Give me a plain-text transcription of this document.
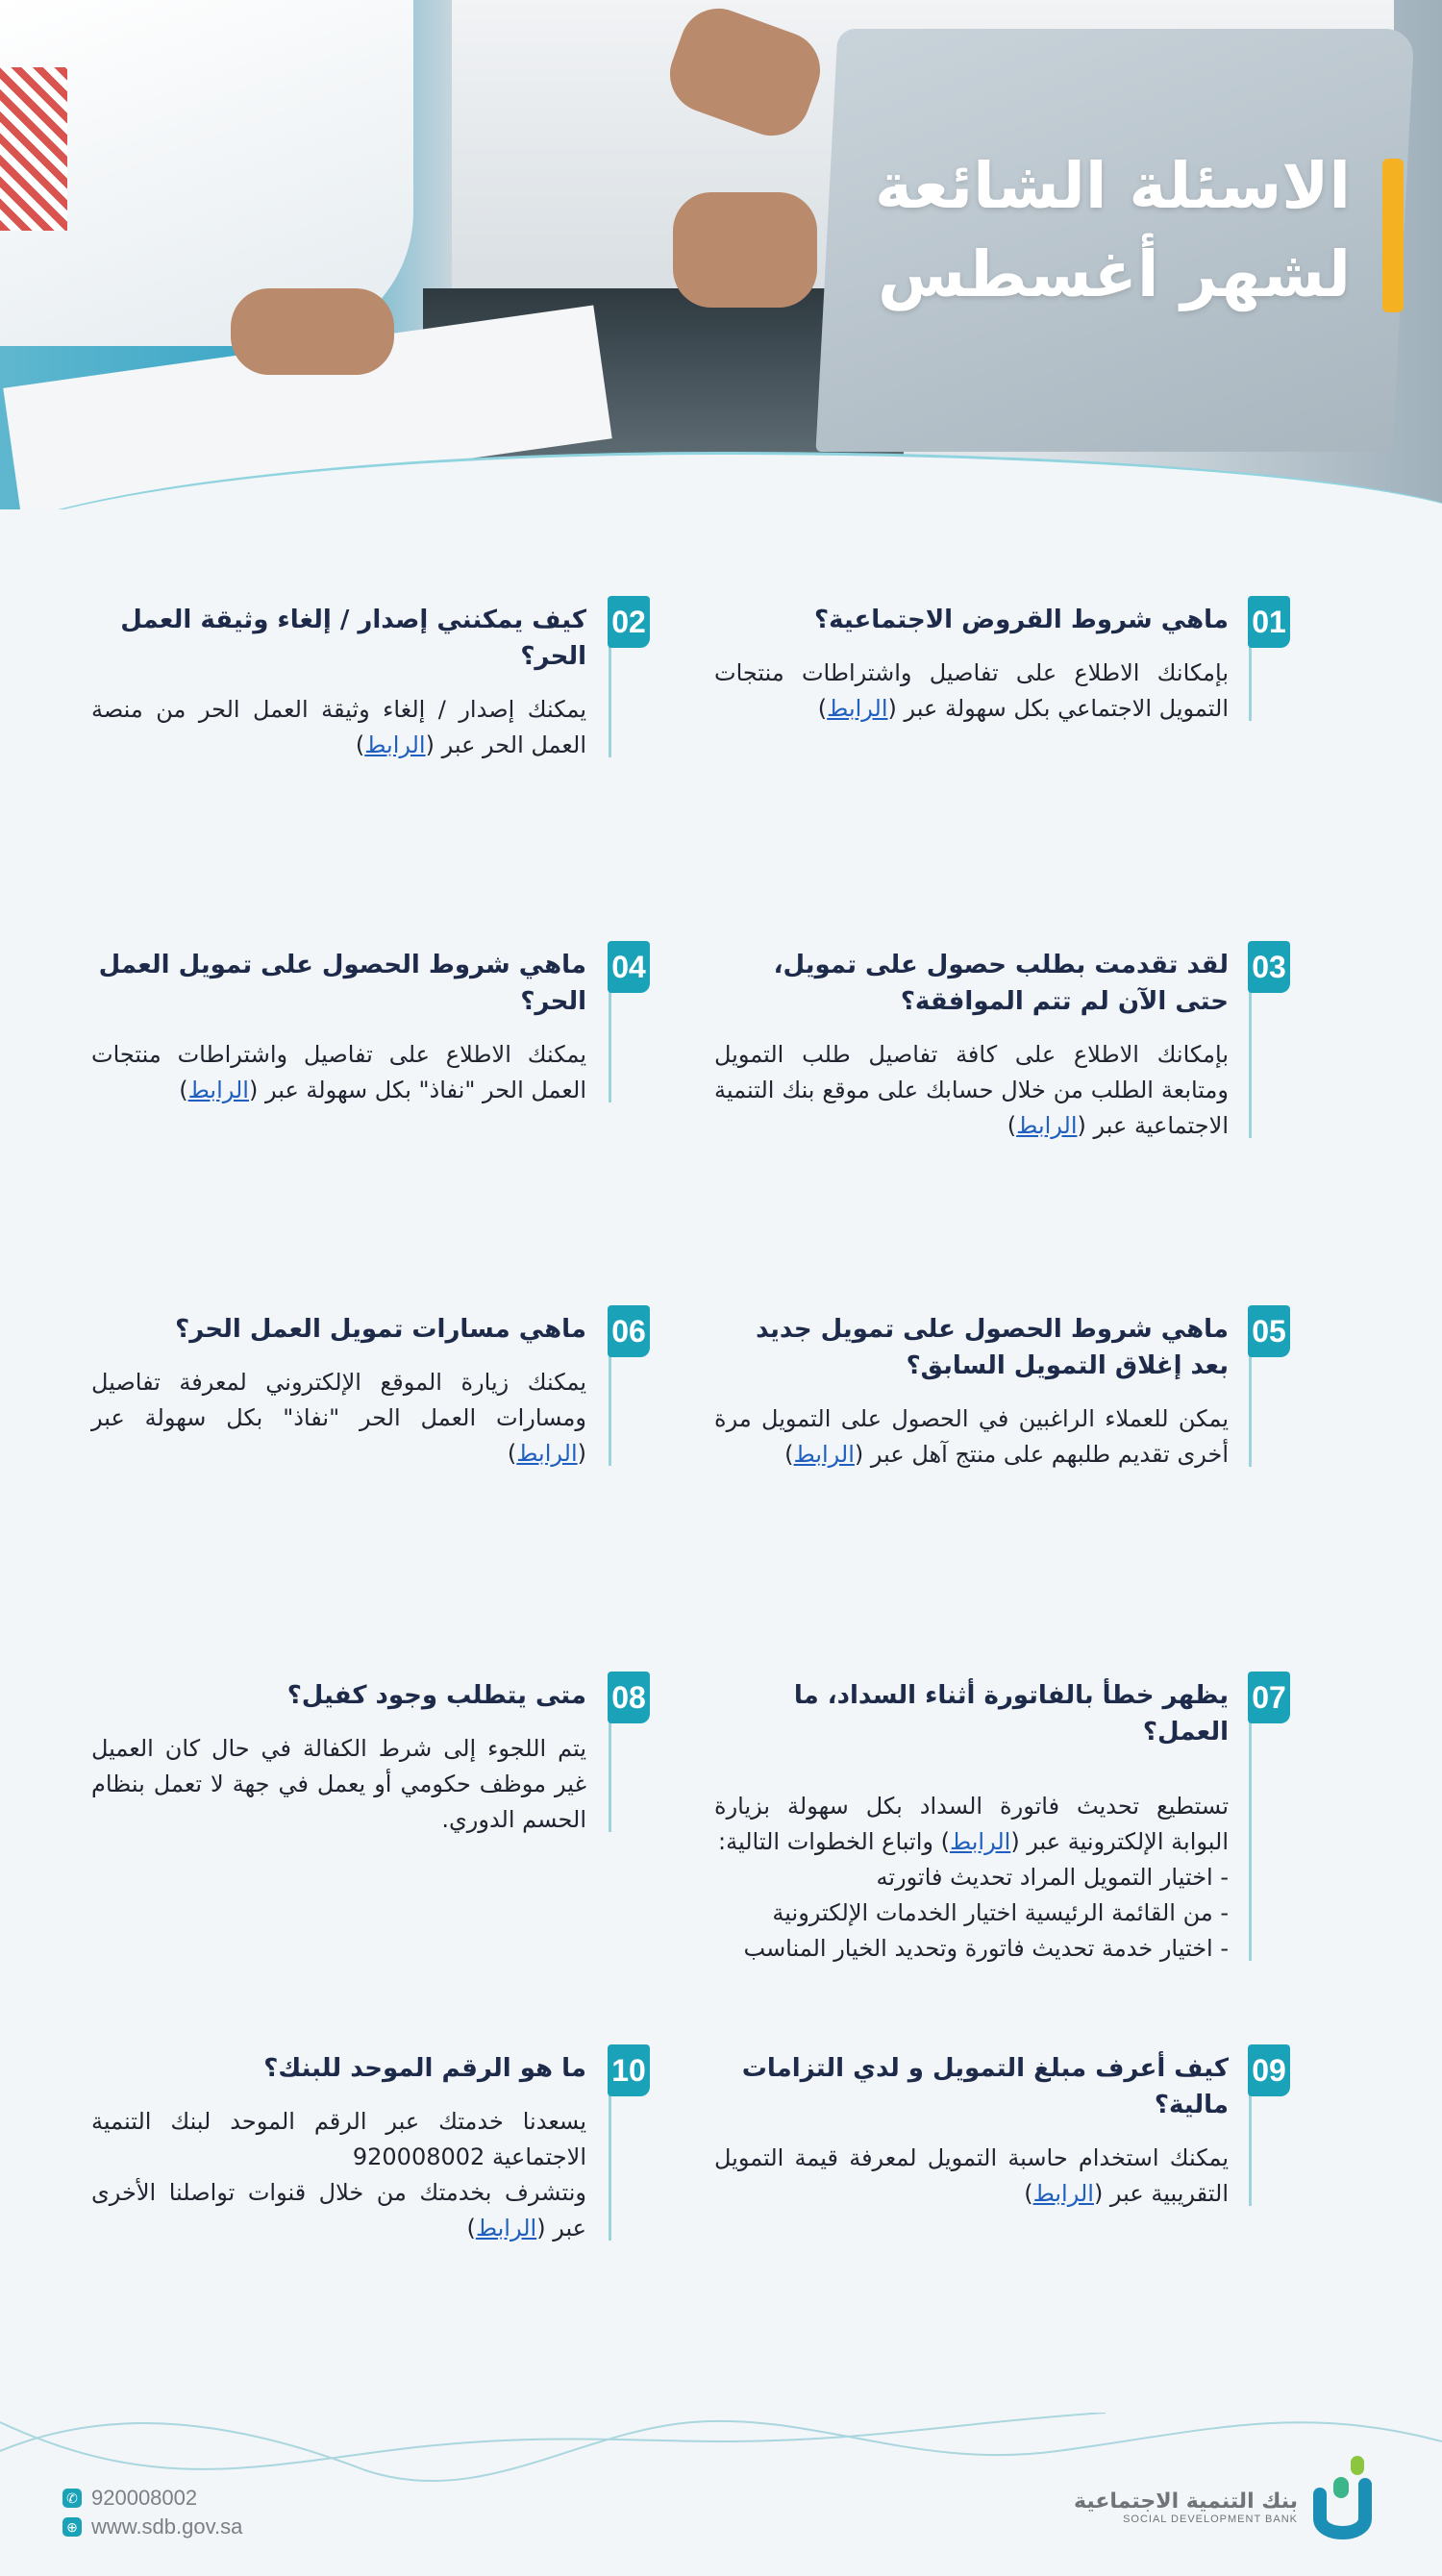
الاسئلة الشائعة
لشهر أغسطس
01
ماهي شروط القروض الاجتماعية؟
بإمكانك الاطلاع على تفاصيل واشتراطات منتجات التمويل الاجتماعي بكل سهولة عبر (الرابط)
02
كيف يمكنني إصدار / إلغاء وثيقة العمل الحر؟
يمكنك إصدار / إلغاء وثيقة العمل الحر من منصة العمل الحر عبر (الرابط)
03
لقد تقدمت بطلب حصول على تمويل، حتى الآن لم تتم الموافقة؟
بإمكانك الاطلاع على كافة تفاصيل طلب التمويل ومتابعة الطلب من خلال حسابك على موقع بنك التنمية الاجتماعية عبر (الرابط)
04
ماهي شروط الحصول على تمويل العمل الحر؟
يمكنك الاطلاع على تفاصيل واشتراطات منتجات العمل الحر "نفاذ" بكل سهولة عبر (الرابط)
05
ماهي شروط الحصول على تمويل جديد بعد إغلاق التمويل السابق؟
يمكن للعملاء الراغبين في الحصول على التمويل مرة أخرى تقديم طلبهم على منتج آهل عبر (الرابط)
06
ماهي مسارات تمويل العمل الحر؟
يمكنك زيارة الموقع الإلكتروني لمعرفة تفاصيل ومسارات العمل الحر "نفاذ" بكل سهولة عبر (الرابط)
07
يظهر خطأ بالفاتورة أثناء السداد، ما العمل؟
تستطيع تحديث فاتورة السداد بكل سهولة بزيارة البوابة الإلكترونية عبر (الرابط) واتباع الخطوات التالية:
- اختيار التمويل المراد تحديث فاتورته
- من القائمة الرئيسية اختيار الخدمات الإلكترونية
- اختيار خدمة تحديث فاتورة وتحديد الخيار المناسب
08
متى يتطلب وجود كفيل؟
يتم اللجوء إلى شرط الكفالة في حال كان العميل غير موظف حكومي أو يعمل في جهة لا تعمل بنظام الحسم الدوري.
09
كيف أعرف مبلغ التمويل و لدي التزامات مالية؟
يمكنك استخدام حاسبة التمويل لمعرفة قيمة التمويل التقريبية عبر (الرابط)
10
ما هو الرقم الموحد للبنك؟
يسعدنا خدمتك عبر الرقم الموحد لبنك التنمية الاجتماعية 920008002
ونتشرف بخدمتك من خلال قنوات تواصلنا الأخرى عبر (الرابط)
✆ 920008002
⊕ www.sdb.gov.sa
بنك التنمية الاجتماعية
SOCIAL DEVELOPMENT BANK
